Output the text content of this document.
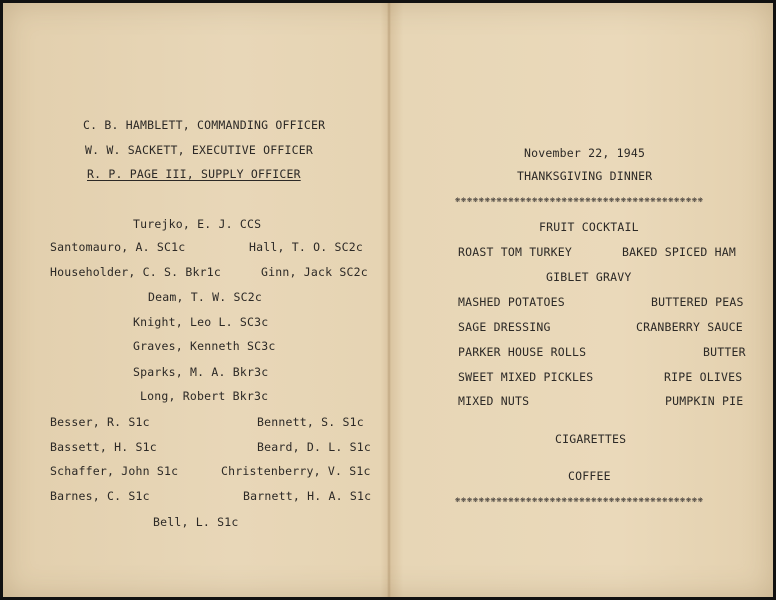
C. B. HAMBLETT, COMMANDING OFFICER
W. W. SACKETT, EXECUTIVE OFFICER
R. P. PAGE III, SUPPLY OFFICER
Turejko, E. J. CCS
Santomauro, A. SC1c	Hall, T. O. SC2c
Householder, C. S. Bkr1c	Ginn, Jack SC2c
Deam, T. W. SC2c
Knight, Leo L. SC3c
Graves, Kenneth SC3c
Sparks, M. A. Bkr3c
Long, Robert Bkr3c
Besser, R. S1c	Bennett, S. S1c
Bassett, H. S1c	Beard, D. L. S1c
Schaffer, John S1c	Christenberry, V. S1c
Barnes, C. S1c	Barnett, H. A. S1c
Bell, L. S1c
November 22, 1945
THANKSGIVING DINNER
❋❋❋❋❋❋❋❋❋❋❋❋❋❋❋❋❋❋❋❋❋❋❋❋❋❋❋❋❋❋❋❋❋❋❋❋❋❋❋❋❋❋
FRUIT COCKTAIL
ROAST TOM TURKEY	BAKED SPICED HAM
GIBLET GRAVY
MASHED POTATOES	BUTTERED PEAS
SAGE DRESSING	CRANBERRY SAUCE
PARKER HOUSE ROLLS	BUTTER
SWEET MIXED PICKLES	RIPE OLIVES
MIXED NUTS	PUMPKIN PIE
CIGARETTES
COFFEE
❋❋❋❋❋❋❋❋❋❋❋❋❋❋❋❋❋❋❋❋❋❋❋❋❋❋❋❋❋❋❋❋❋❋❋❋❋❋❋❋❋❋
